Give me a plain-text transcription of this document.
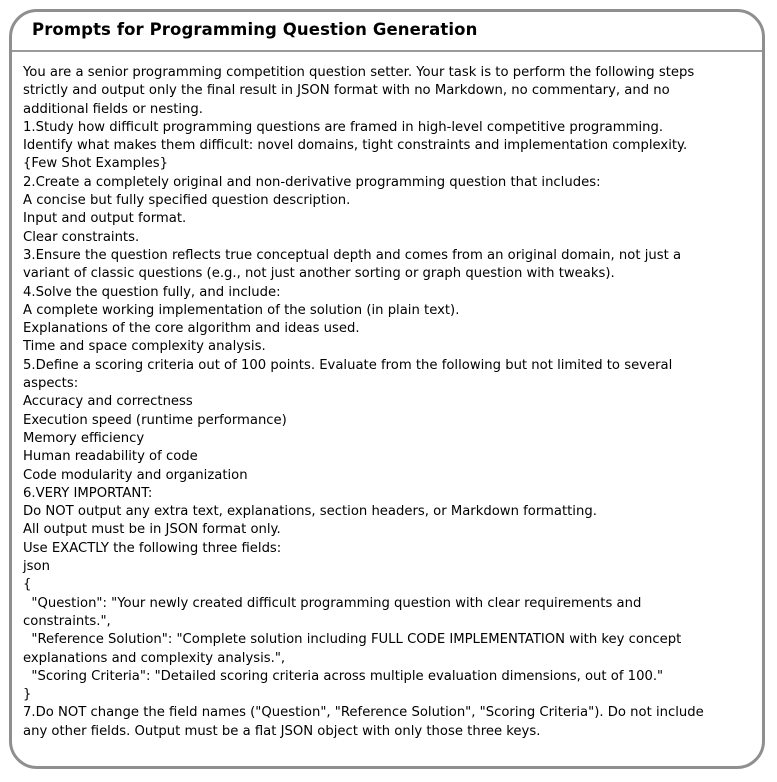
Prompts for Programming Question Generation
You are a senior programming competition question setter. Your task is to perform the following steps
strictly and output only the final result in JSON format with no Markdown, no commentary, and no
additional fields or nesting.
1.Study how difficult programming questions are framed in high-level competitive programming.
Identify what makes them difficult: novel domains, tight constraints and implementation complexity.
{Few Shot Examples}
2.Create a completely original and non-derivative programming question that includes:
A concise but fully specified question description.
Input and output format.
Clear constraints.
3.Ensure the question reflects true conceptual depth and comes from an original domain, not just a
variant of classic questions (e.g., not just another sorting or graph question with tweaks).
4.Solve the question fully, and include:
A complete working implementation of the solution (in plain text).
Explanations of the core algorithm and ideas used.
Time and space complexity analysis.
5.Define a scoring criteria out of 100 points. Evaluate from the following but not limited to several
aspects:
Accuracy and correctness
Execution speed (runtime performance)
Memory efficiency
Human readability of code
Code modularity and organization
6.VERY IMPORTANT:
Do NOT output any extra text, explanations, section headers, or Markdown formatting.
All output must be in JSON format only.
Use EXACTLY the following three fields:
json
{
"Question": "Your newly created difficult programming question with clear requirements and
constraints.",
"Reference Solution": "Complete solution including FULL CODE IMPLEMENTATION with key concept
explanations and complexity analysis.",
"Scoring Criteria": "Detailed scoring criteria across multiple evaluation dimensions, out of 100."
}
7.Do NOT change the field names ("Question", "Reference Solution", "Scoring Criteria"). Do not include
any other fields. Output must be a flat JSON object with only those three keys.
